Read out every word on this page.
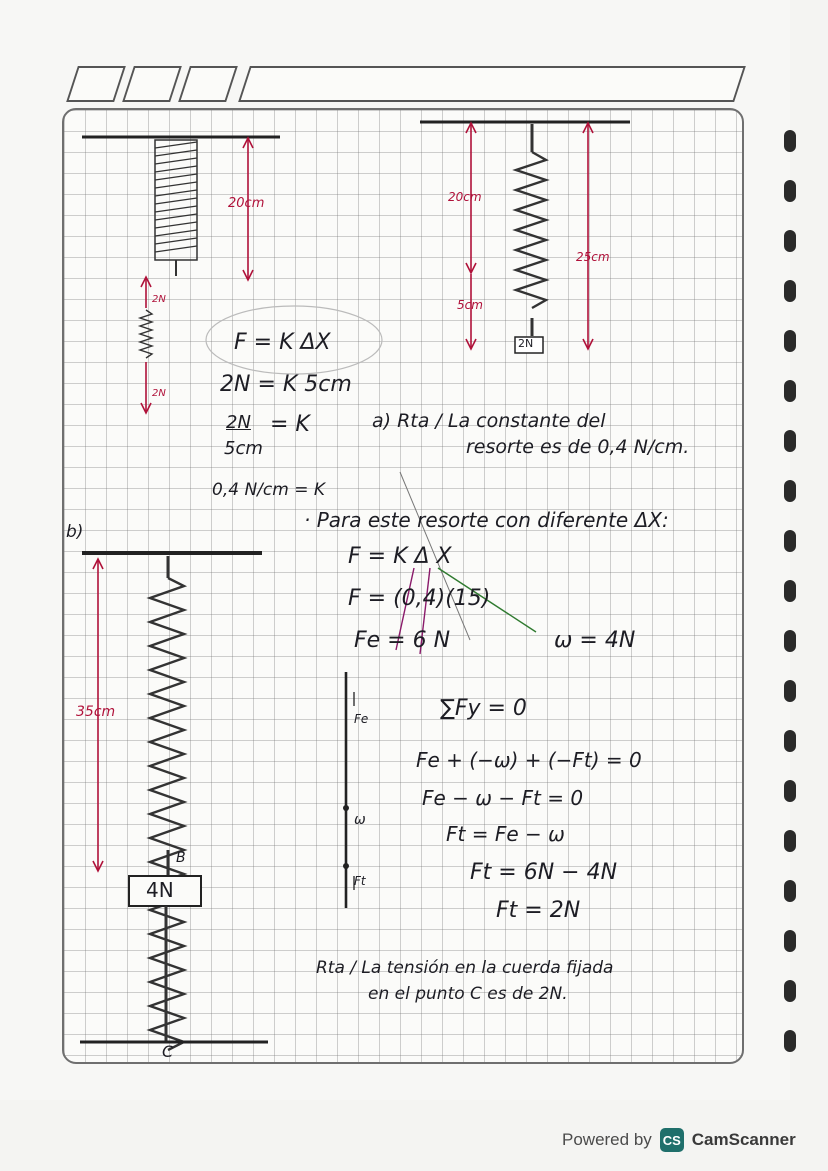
20cm
2N
2N
20cm
5cm
25cm
2N
F = K ΔX
2N = K 5cm
2N
5cm
= K
0,4 N/cm = K
a) Rta / La constante del
resorte es de 0,4 N/cm.
b)	· Para este resorte con diferente ΔX:
F = K Δ X
F = (0,4)(15)
Fe = 6 N	ω = 4N
35cm
4N
B
C
Fe
ω
Ft
∑Fy = 0
Fe + (−ω) + (−Ft) = 0
Fe − ω − Ft = 0
Ft = Fe − ω
Ft = 6N − 4N
Ft = 2N
Rta / La tensión en la cuerda fijada
en el punto C es de 2N.
Powered by CS CamScanner
